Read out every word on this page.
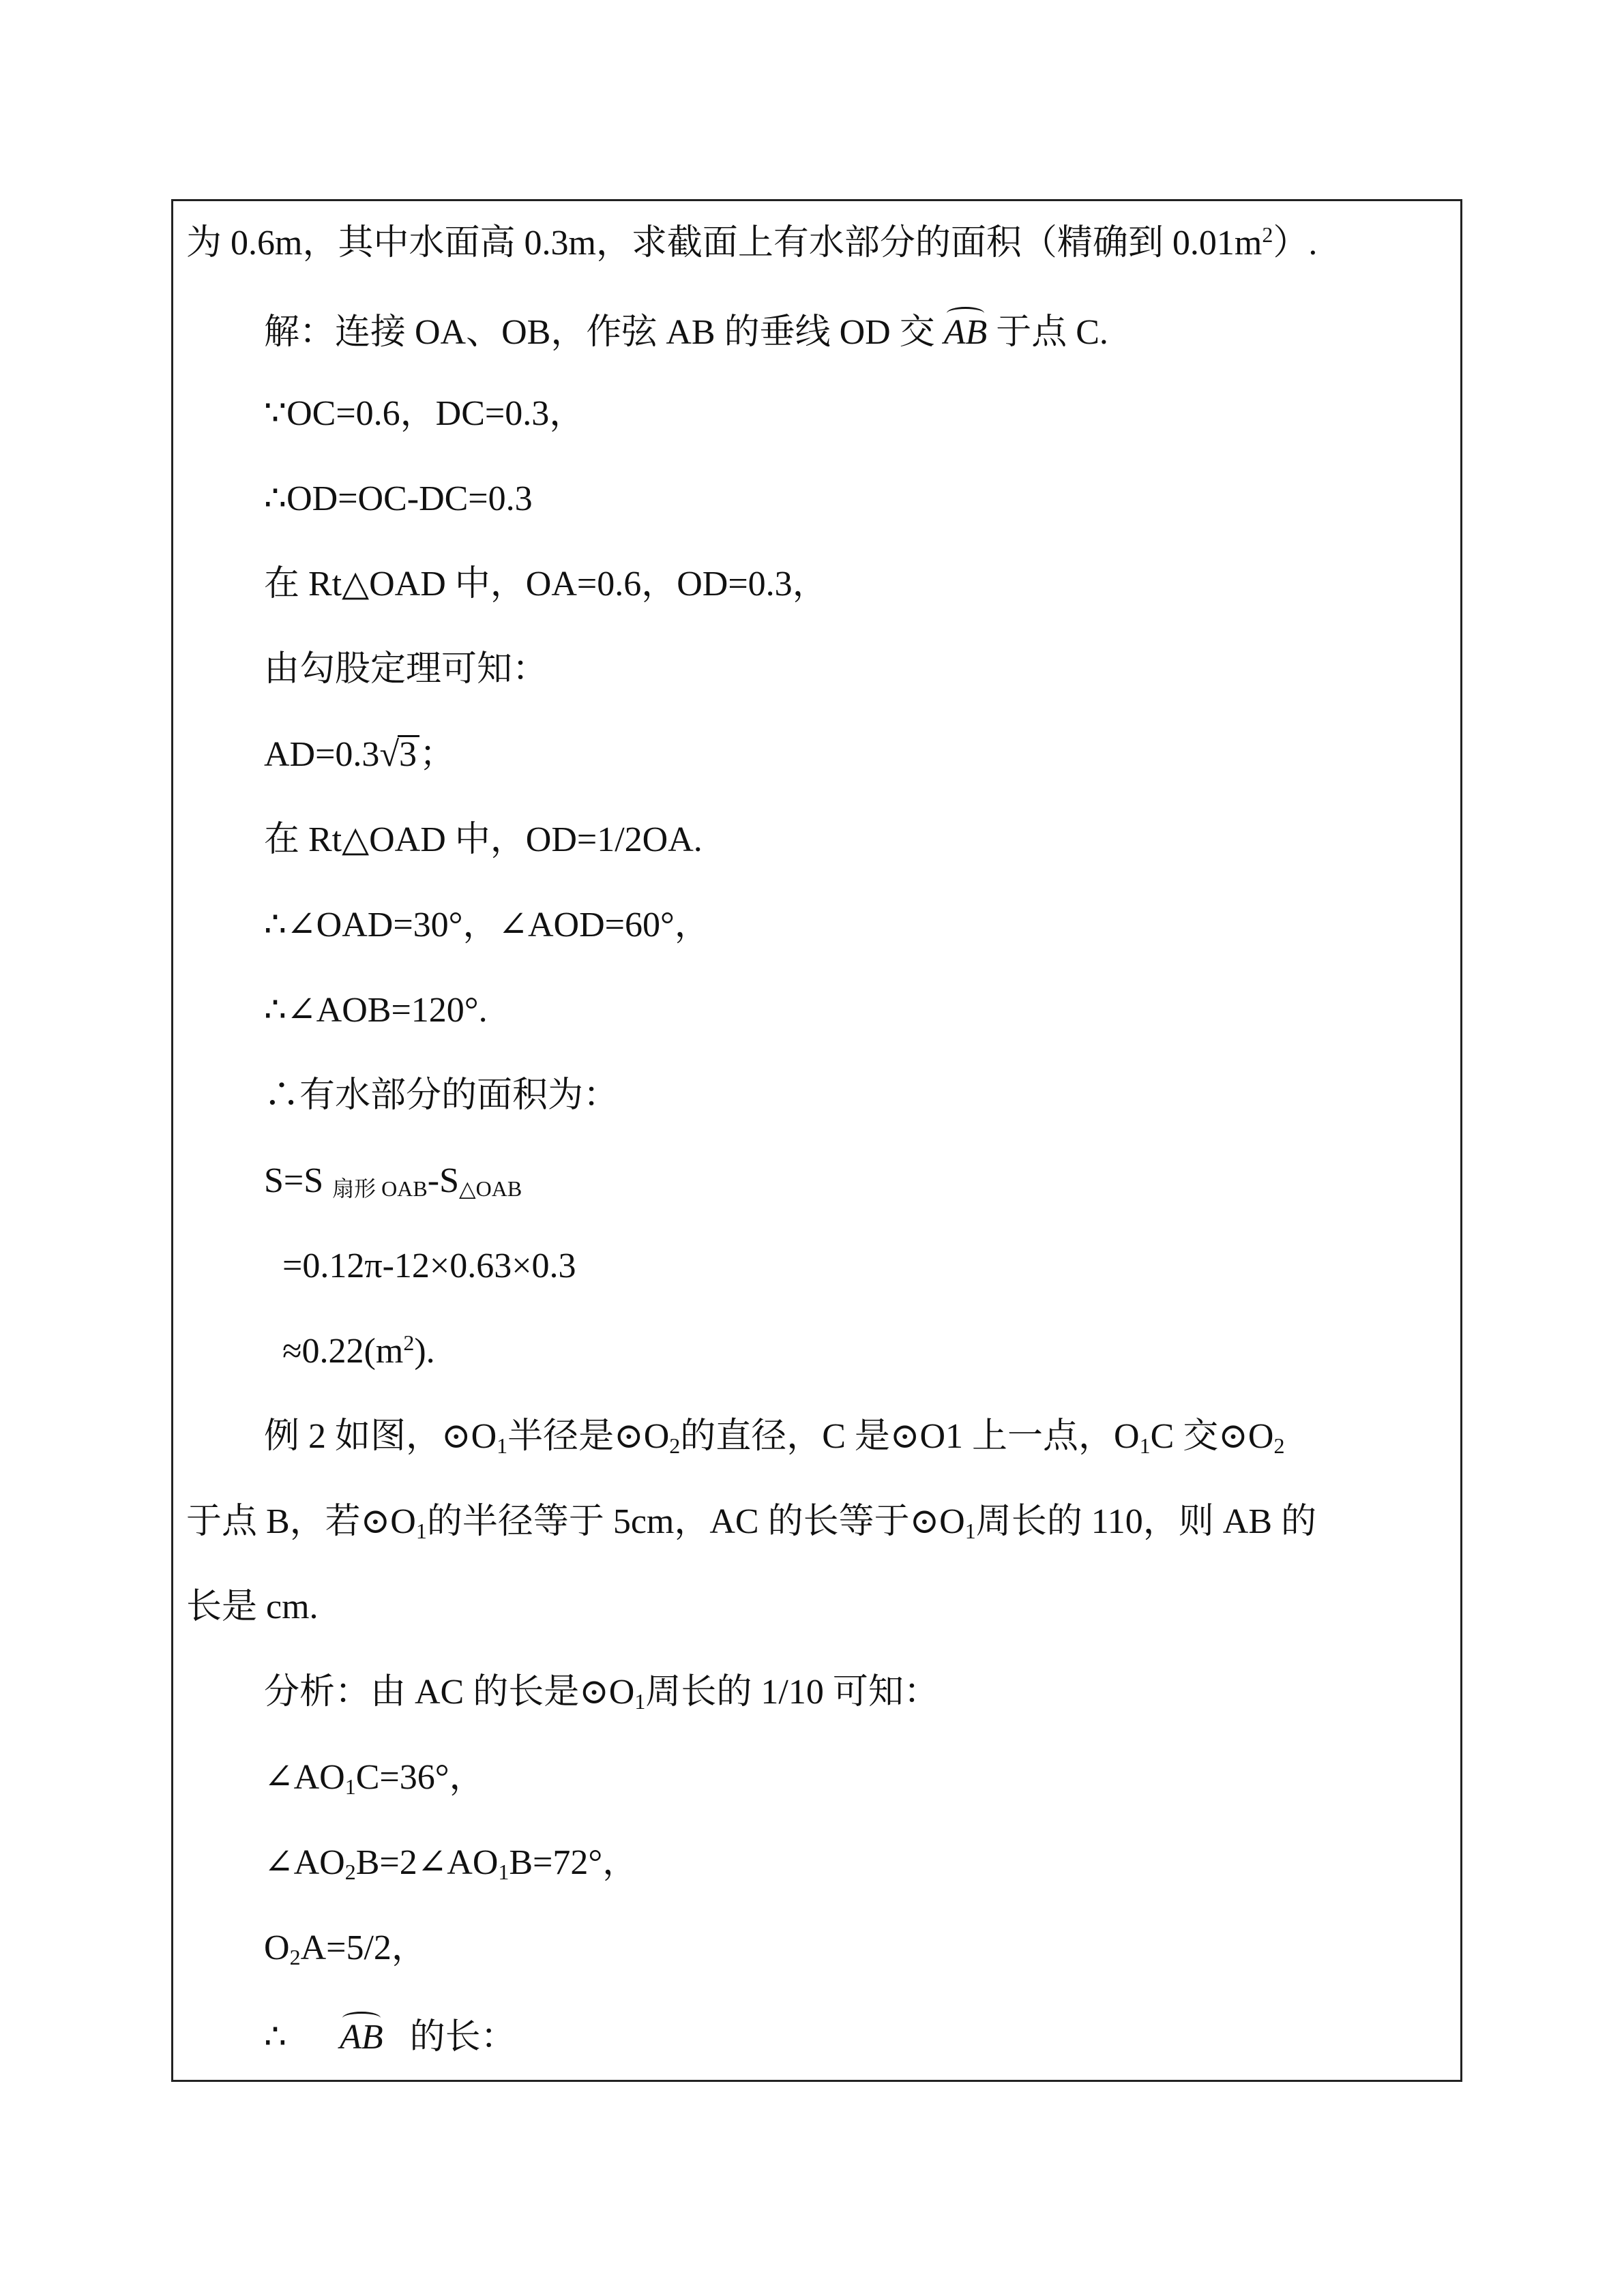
为 0.6m，其中水面高 0.3m，求截面上有水部分的面积（精确到 $0.01m^2$）.
解：连接 OA、OB，作弦 AB 的垂线 OD 交 AB 于点 C.
∵OC=0.6，DC=0.3，
∴OD=OC-DC=0.3
在 Rt△OAD 中，OA=0.6，OD=0.3，
由勾股定理可知：
AD=0.3√3；
在 Rt△OAD 中，OD=1/2OA.
∴∠OAD=30°，∠AOD=60°，
∴∠AOB=120°.
∴有水部分的面积为：
S=S 扇形 OAB-S△OAB
=0.12π-12×0.63×0.3
$\approx 0.22(m^2)$.
例 2 如图，$⊙O_1$半径是$⊙O_2$的直径，C 是⊙O1 上一点，$O_1C$ 交$⊙O_2$
于点 B，若$⊙O_1$的半径等于 5cm，AC 的长等于$⊙O_1$周长的 110，则 AB 的
长是 cm.
分析：由 AC 的长是$⊙O_1$周长的 1/10 可知：
$\angle AO_1C=36^\circ$，
$\angle AO_2B=2\angle AO_1B=72^\circ$，
$O_2A=5/2$，
∴ AB 的长：
